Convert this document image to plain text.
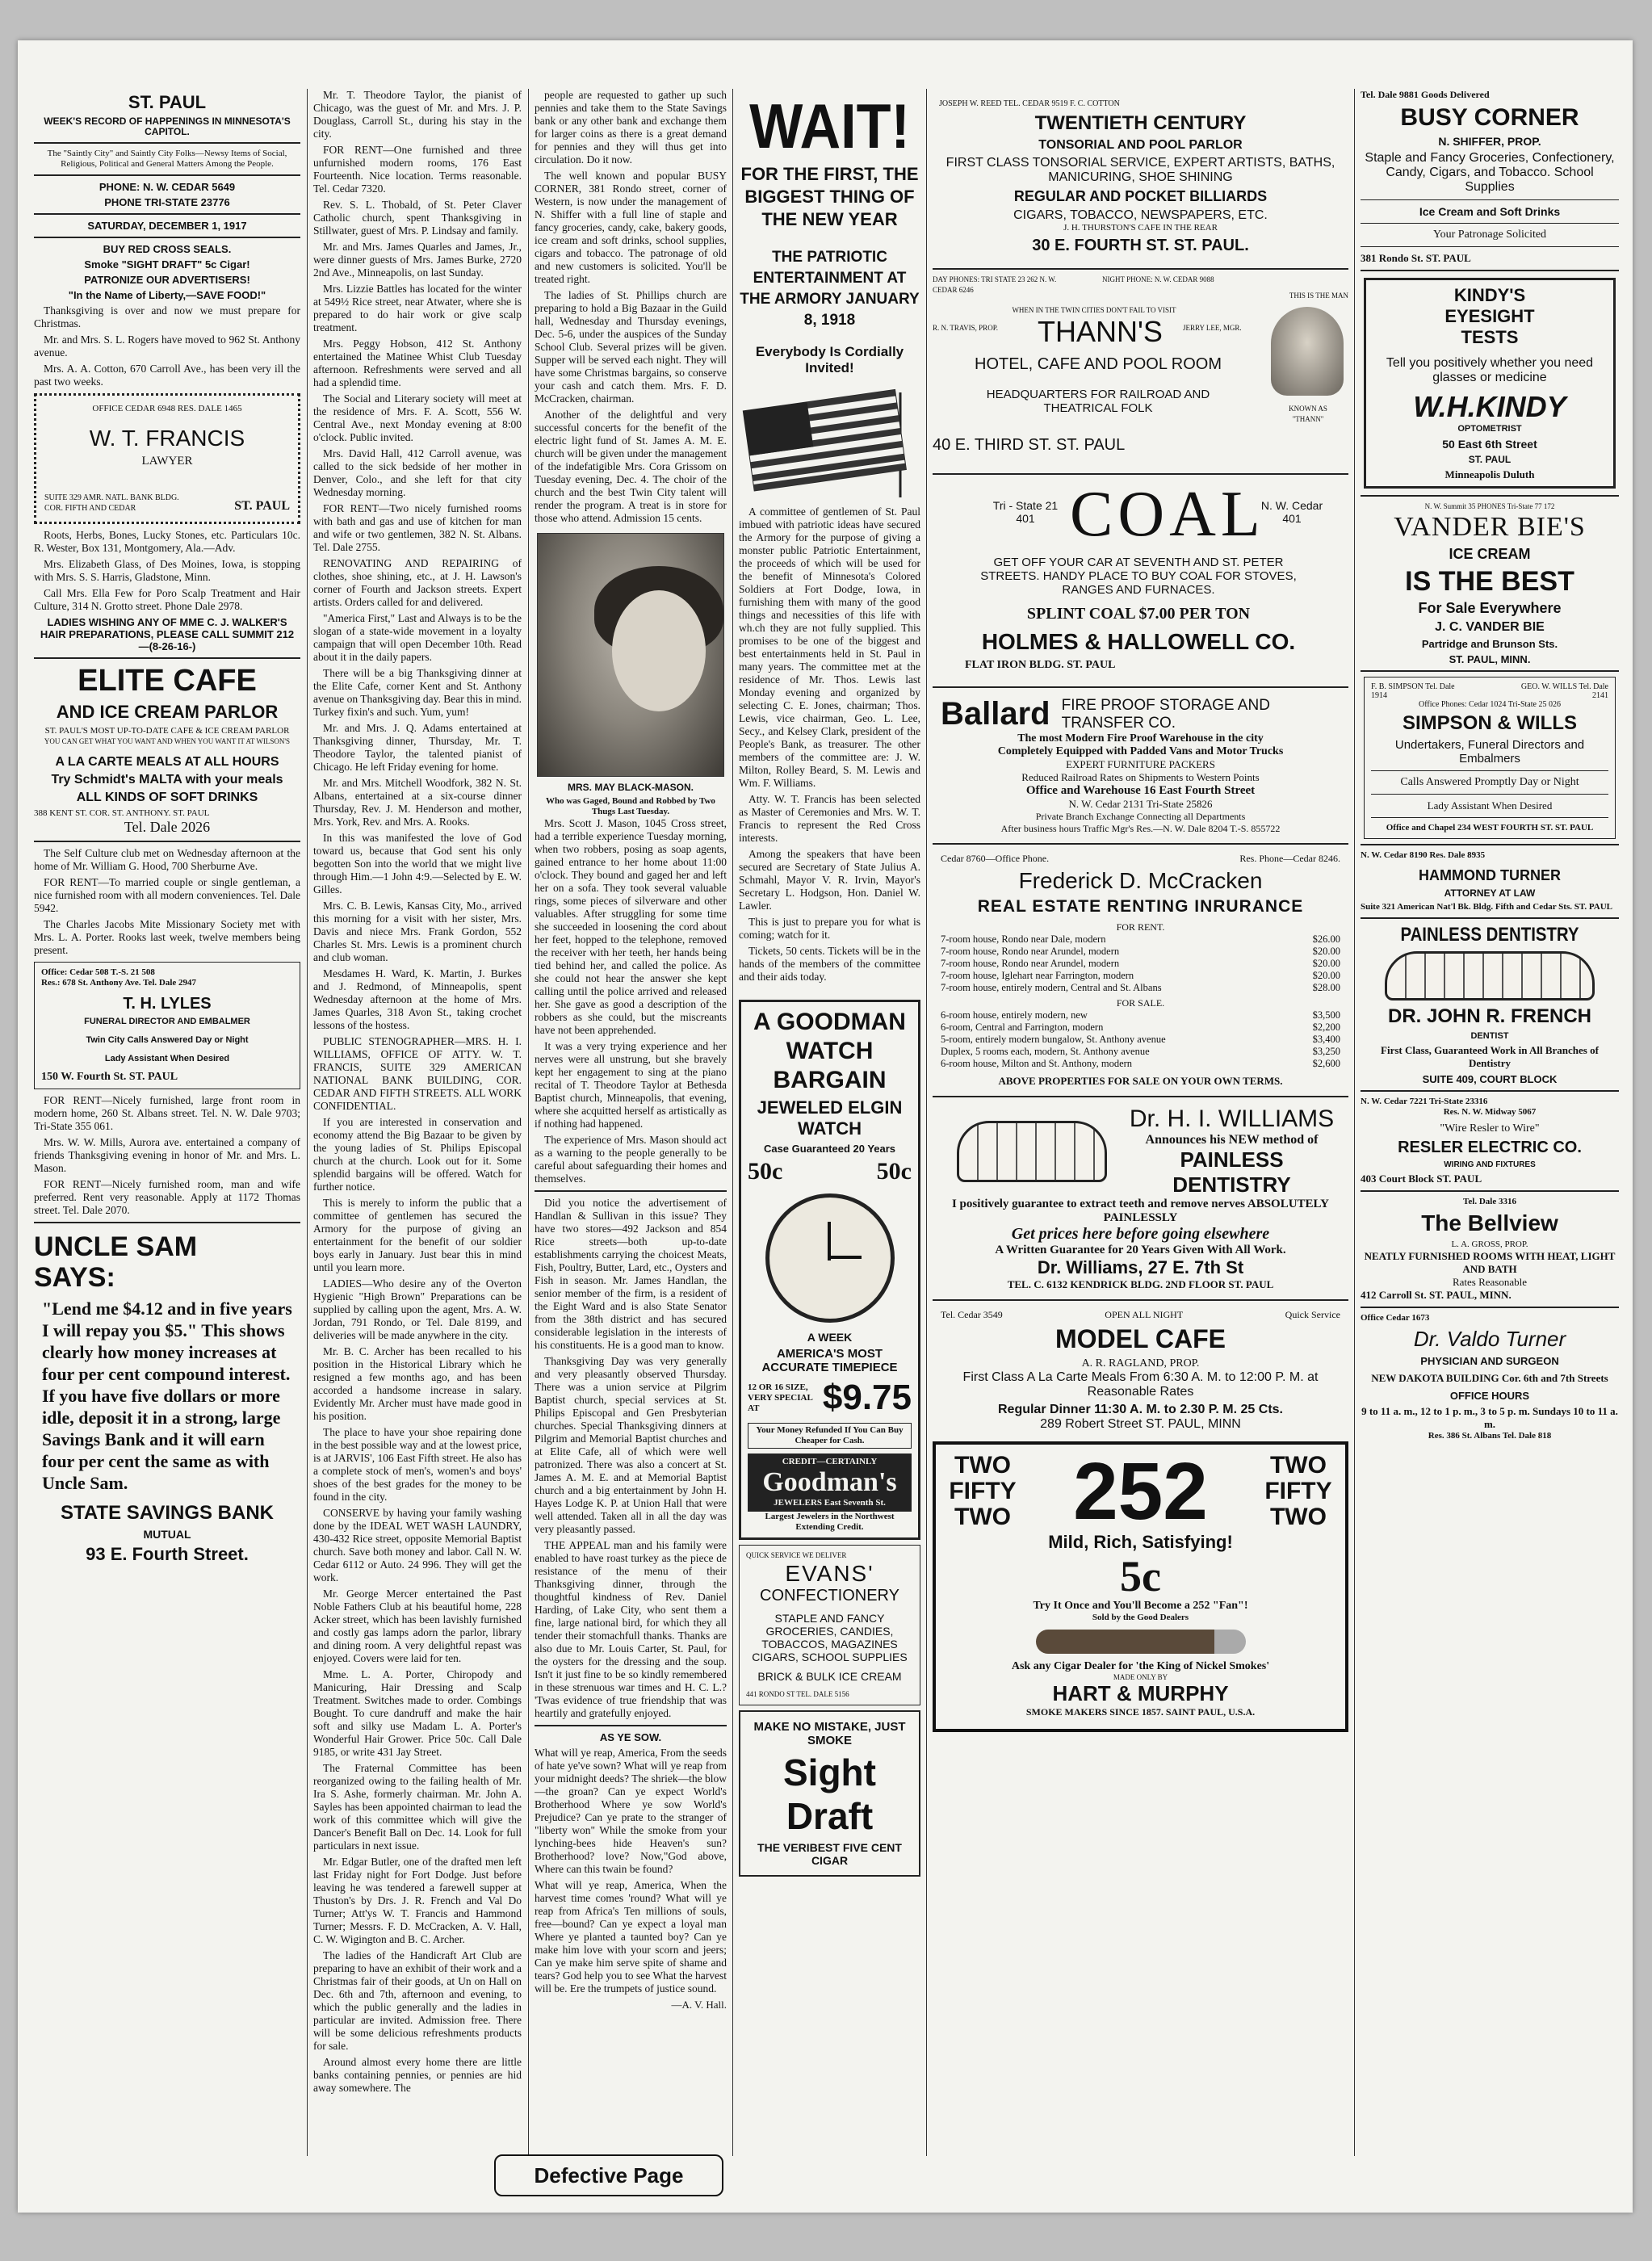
ST. PAUL
WEEK'S RECORD OF HAPPENINGS IN MINNESOTA'S CAPITOL.
The "Saintly City" and Saintly City Folks—Newsy Items of Social, Religious, Political and General Matters Among the People.
PHONE: N. W. CEDAR 5649
PHONE TRI-STATE 23776
SATURDAY, DECEMBER 1, 1917
BUY RED CROSS SEALS.
Smoke "SIGHT DRAFT" 5c Cigar!
PATRONIZE OUR ADVERTISERS!
"In the Name of Liberty,—SAVE FOOD!"

Thanksgiving is over and now we must prepare for Christmas.

Mr. and Mrs. S. L. Rogers have moved to 962 St. Anthony avenue.

Mrs. A. A. Cotton, 670 Carroll Ave., has been very ill the past two weeks.

OFFICE CEDAR 6948 RES. DALE 1465
W. T. FRANCIS
LAWYER
SUITE 329 AMR. NATL. BANK BLDG. COR. FIFTH AND CEDAR	ST. PAUL

Roots, Herbs, Bones, Lucky Stones, etc. Particulars 10c. R. Wester, Box 131, Montgomery, Ala.—Adv.

Mrs. Elizabeth Glass, of Des Moines, Iowa, is stopping with Mrs. S. S. Harris, Gladstone, Minn.

Call Mrs. Ella Few for Poro Scalp Treatment and Hair Culture, 314 N. Grotto street. Phone Dale 2978.

LADIES WISHING ANY OF MME C. J. WALKER'S HAIR PREPARATIONS, PLEASE CALL SUMMIT 212 —(8-26-16-)
ELITE CAFE
AND ICE CREAM PARLOR
ST. PAUL'S MOST UP-TO-DATE CAFE & ICE CREAM PARLOR
YOU CAN GET WHAT YOU WANT AND WHEN YOU WANT IT AT WILSON'S
A LA CARTE MEALS AT ALL HOURS
Try Schmidt's MALTA with your meals
ALL KINDS OF SOFT DRINKS
388 KENT ST. COR. ST. ANTHONY. ST. PAUL
Tel. Dale 2026

The Self Culture club met on Wednesday afternoon at the home of Mr. William G. Hood, 700 Sherburne Ave.

FOR RENT—To married couple or single gentleman, a nice furnished room with all modern conveniences. Tel. Dale 5942.

The Charles Jacobs Mite Missionary Society met with Mrs. L. A. Porter. Rooks last week, twelve members being present.

Office: Cedar 508 T.-S. 21 508
Res.: 678 St. Anthony Ave. Tel. Dale 2947
T. H. LYLES
FUNERAL DIRECTOR AND EMBALMER
Twin City Calls Answered Day or Night
Lady Assistant When Desired
150 W. Fourth St. ST. PAUL

FOR RENT—Nicely furnished, large front room in modern home, 260 St. Albans street. Tel. N. W. Dale 9703; Tri-State 355 061.

Mrs. W. W. Mills, Aurora ave. entertained a company of friends Thanksgiving evening in honor of Mr. and Mrs. L. Mason.

FOR RENT—Nicely furnished room, man and wife preferred. Rent very reasonable. Apply at 1172 Thomas street. Tel. Dale 2070.

UNCLE SAM
SAYS:
"Lend me $4.12 and in five years I will repay you $5." This shows clearly how money increases at four per cent compound interest. If you have five dollars or more idle, deposit it in a strong, large Savings Bank and it will earn four per cent the same as with Uncle Sam.
STATE SAVINGS BANK
MUTUAL
93 E. Fourth Street.

Mr. T. Theodore Taylor, the pianist of Chicago, was the guest of Mr. and Mrs. J. P. Douglass, Carroll St., during his stay in the city.

FOR RENT—One furnished and three unfurnished modern rooms, 176 East Fourteenth. Nice location. Terms reasonable. Tel. Cedar 7320.

Rev. S. L. Thobald, of St. Peter Claver Catholic church, spent Thanksgiving in Stillwater, guest of Mrs. P. Lindsay and family.

Mr. and Mrs. James Quarles and James, Jr., were dinner guests of Mrs. James Burke, 2720 2nd Ave., Minneapolis, on last Sunday.

Mrs. Lizzie Battles has located for the winter at 549½ Rice street, near Atwater, where she is prepared to do hair work or give scalp treatment.

Mrs. Peggy Hobson, 412 St. Anthony entertained the Matinee Whist Club Tuesday afternoon. Refreshments were served and all had a splendid time.

The Social and Literary society will meet at the residence of Mrs. F. A. Scott, 556 W. Central Ave., next Monday evening at 8:00 o'clock. Public invited.

Mrs. David Hall, 412 Carroll avenue, was called to the sick bedside of her mother in Denver, Colo., and she left for that city Wednesday morning.

FOR RENT—Two nicely furnished rooms with bath and gas and use of kitchen for man and wife or two gentlemen, 382 N. St. Albans. Tel. Dale 2755.

RENOVATING AND REPAIRING of clothes, shoe shining, etc., at J. H. Lawson's corner of Fourth and Jackson streets. Expert artists. Orders called for and delivered.

"America First," Last and Always is to be the slogan of a state-wide movement in a loyalty campaign that will open December 10th. Read about it in the daily papers.

There will be a big Thanksgiving dinner at the Elite Cafe, corner Kent and St. Anthony avenue on Thanksgiving day. Bear this in mind. Turkey fixin's and such. Yum, yum!

Mr. and Mrs. J. Q. Adams entertained at Thanksgiving dinner, Thursday, Mr. T. Theodore Taylor, the talented pianist of Chicago. He left Friday evening for home.

Mr. and Mrs. Mitchell Woodfork, 382 N. St. Albans, entertained at a six-course dinner Thursday, Rev. J. M. Henderson and mother, Mrs. York, Rev. and Mrs. A. Rooks.

In this was manifested the love of God toward us, because that God sent his only begotten Son into the world that we might live through Him.—1 John 4:9.—Selected by E. W. Gilles.

Mrs. C. B. Lewis, Kansas City, Mo., arrived this morning for a visit with her sister, Mrs. Davis and niece Mrs. Frank Gordon, 552 Charles St. Mrs. Lewis is a prominent church and club woman.

Mesdames H. Ward, K. Martin, J. Burkes and J. Redmond, of Minneapolis, spent Wednesday afternoon at the home of Mrs. James Quarles, 318 Avon St., taking crochet lessons of the hostess.

PUBLIC STENOGRAPHER—MRS. H. I. WILLIAMS, OFFICE OF ATTY. W. T. FRANCIS, SUITE 329 AMERICAN NATIONAL BANK BUILDING, COR. CEDAR AND FIFTH STREETS. ALL WORK CONFIDENTIAL.

If you are interested in conservation and economy attend the Big Bazaar to be given by the young ladies of St. Philips Episcopal church at the church. Look out for it. Some splendid bargains will be offered. Watch for further notice.

This is merely to inform the public that a committee of gentlemen has secured the Armory for the purpose of giving an entertainment for the benefit of our soldier boys early in January. Just bear this in mind until you learn more.

LADIES—Who desire any of the Overton Hygienic "High Brown" Preparations can be supplied by calling upon the agent, Mrs. A. W. Jordan, 791 Rondo, or Tel. Dale 8199, and deliveries will be made anywhere in the city.

Mr. B. C. Archer has been recalled to his position in the Historical Library which he resigned a few months ago, and has been accorded a handsome increase in salary. Evidently Mr. Archer must have made good in his position.

The place to have your shoe repairing done in the best possible way and at the lowest price, is at JARVIS', 106 East Fifth street. He also has a complete stock of men's, women's and boys' shoes of the best grades for the money to be found in the city.

CONSERVE by having your family washing done by the IDEAL WET WASH LAUNDRY, 430-432 Rice street, opposite Memorial Baptist church. Save both money and labor. Call N. W. Cedar 6112 or Auto. 24 996. They will get the work.

Mr. George Mercer entertained the Past Noble Fathers Club at his beautiful home, 228 Acker street, which has been lavishly furnished and costly gas lamps adorn the parlor, library and dining room. A very delightful repast was enjoyed. Covers were laid for ten.

Mme. L. A. Porter, Chiropody and Manicuring, Hair Dressing and Scalp Treatment. Switches made to order. Combings Bought. To cure dandruff and make the hair soft and silky use Madam L. A. Porter's Wonderful Hair Grower. Price 50c. Call Dale 9185, or write 431 Jay Street.

The Fraternal Committee has been reorganized owing to the failing health of Mr. Ira S. Ashe, formerly chairman. Mr. John A. Sayles has been appointed chairman to lead the work of this committee which will give the Dancer's Benefit Ball on Dec. 14. Look for full particulars in next issue.

Mr. Edgar Butler, one of the drafted men left last Friday night for Fort Dodge. Just before leaving he was tendered a farewell supper at Thuston's by Drs. J. R. French and Val Do Turner; Att'ys W. T. Francis and Hammond Turner; Messrs. F. D. McCracken, A. V. Hall, C. W. Wigington and B. C. Archer.

The ladies of the Handicraft Art Club are preparing to have an exhibit of their work and a Christmas fair of their goods, at Un on Hall on Dec. 6th and 7th, afternoon and evening, to which the public generally and the ladies in particular are invited. Admission free. There will be some delicious refreshments products for sale.

Around almost every home there are little banks containing pennies, or pennies are hid away somewhere. The

people are requested to gather up such pennies and take them to the State Savings bank or any other bank and exchange them for larger coins as there is a great demand for pennies and they will thus get into circulation. Do it now.

The well known and popular BUSY CORNER, 381 Rondo street, corner of Western, is now under the management of N. Shiffer with a full line of staple and fancy groceries, candy, cake, bakery goods, ice cream and soft drinks, school supplies, cigars and tobacco. The patronage of old and new customers is solicited. You'll be treated right.

The ladies of St. Phillips church are preparing to hold a Big Bazaar in the Guild hall, Wednesday and Thursday evenings, Dec. 5-6, under the auspices of the Sunday School Club. Several prizes will be given. Supper will be served each night. They will have some Christmas bargains, so conserve your cash and catch them. Mrs. F. D. McCracken, chairman.

Another of the delightful and very successful concerts for the benefit of the electric light fund of St. James A. M. E. church will be given under the management of the indefatigible Mrs. Cora Grissom on Tuesday evening, Dec. 4. The choir of the church and the best Twin City talent will render the program. A treat is in store for those who attend. Admission 15 cents.

MRS. MAY BLACK-MASON.
Who was Gaged, Bound and Robbed by Two Thugs Last Tuesday.

Mrs. Scott J. Mason, 1045 Cross street, had a terrible experience Tuesday morning, when two robbers, posing as soap agents, gained entrance to her home about 11:00 o'clock. They bound and gaged her and left her on a sofa. They took several valuable rings, some pieces of silverware and other valuables. After struggling for some time she succeeded in loosening the cord about her feet, hopped to the telephone, removed the receiver with her teeth, her hands being tied behind her, and called the police. As she could not hear the answer she kept calling until the police arrived and released her. She gave as good a description of the robbers as she could, but the miscreants have not been apprehended.

It was a very trying experience and her nerves were all unstrung, but she bravely kept her engagement to sing at the piano recital of T. Theodore Taylor at Bethesda Baptist church, Minneapolis, that evening, where she acquitted herself as artistically as if nothing had happened.

The experience of Mrs. Mason should act as a warning to the people generally to be careful about safeguarding their homes and themselves.

Did you notice the advertisement of Handlan & Sullivan in this issue? They have two stores—492 Jackson and 854 Rice streets—both up-to-date establishments carrying the choicest Meats, Fish, Poultry, Butter, Lard, etc., Oysters and Fish in season. Mr. James Handlan, the senior member of the firm, is a resident of the Eight Ward and is also State Senator from the 38th district and has secured considerable legislation in the interests of his constituents. He is a good man to know.

Thanksgiving Day was very generally and very pleasantly observed Thursday. There was a union service at Pilgrim Baptist church, special services at St. Philips Episcopal and Gen Presbyterian churches. Special Thanksgiving dinners at Pilgrim and Memorial Baptist churches and at Elite Cafe, all of which were well patronized. There was also a concert at St. James A. M. E. and at Memorial Baptist church and a big entertainment by John H. Hayes Lodge K. P. at Union Hall that were well attended. Taken all in all the day was very pleasantly passed.

THE APPEAL man and his family were enabled to have roast turkey as the piece de resistance of the menu of their Thanksgiving dinner, through the thoughtful kindness of Rev. Daniel Harding, of Lake City, who sent them a fine, large national bird, for which they all tender their stomachfull thanks. Thanks are also due to Mr. Louis Carter, St. Paul, for the oysters for the dressing and the soup. Isn't it just fine to be so kindly remembered in these strenuous war times and H. C. L.? 'Twas evidence of true friendship that was heartily and gratefully enjoyed.

AS YE SOW.

What will ye reap, America, From the seeds of hate ye've sown? What will ye reap from your midnight deeds? The shriek—the blow—the groan? Can ye expect World's Brotherhood Where ye sow World's Prejudice? Can ye prate to the stranger of "liberty won" While the smoke from your lynching-bees hide Heaven's sun? Brotherhood? love? Now,"God above, Where can this twain be found?

What will ye reap, America, When the harvest time comes 'round? What will ye reap from Africa's Ten millions of souls, free—bound? Can ye expect a loyal man Where ye planted a taunted boy? Can ye make him love with your scorn and jeers; Can ye make him serve spite of shame and tears? God help you to see What the harvest will be. Ere the trumpets of justice sound.

—A. V. Hall.
WAIT!
FOR THE FIRST, THE BIGGEST THING OF THE NEW YEAR
THE PATRIOTIC ENTERTAINMENT AT THE ARMORY JANUARY 8, 1918
Everybody Is Cordially Invited!

A committee of gentlemen of St. Paul imbued with patriotic ideas have secured the Armory for the purpose of giving a monster public Patriotic Entertainment, the proceeds of which will be used for the benefit of Minnesota's Colored Soldiers at Fort Dodge, Iowa, in furnishing them with many of the good things and necessities of this life with wh.ch they are not fully supplied. This promises to be one of the biggest and best entertainments held in St. Paul in many years. The committee met at the residence of Mr. Thos. Lewis last Monday evening and organized by selecting C. E. Jones, chairman; Thos. Lewis, vice chairman, Geo. L. Lee, Secy., and Kelsey Clark, president of the People's Bank, as treasurer. The other members of the committee are: J. W. Milton, Rolley Beard, S. M. Lewis and Wm. F. Williams.

Atty. W. T. Francis has been selected as Master of Ceremonies and Mrs. W. T. Francis to represent the Red Cross interests.

Among the speakers that have been secured are Secretary of State Julius A. Schmahl, Mayor V. R. Irvin, Mayor's Secretary L. Hodgson, Hon. Daniel W. Lawler.

This is just to prepare you for what is coming; watch for it.

Tickets, 50 cents. Tickets will be in the hands of the members of the committee and their aids today.

A GOODMAN
WATCH
BARGAIN
JEWELED ELGIN WATCH
Case Guaranteed 20 Years
50c	50c
A WEEK
AMERICA'S MOST ACCURATE TIMEPIECE
12 OR 16 SIZE, VERY SPECIAL AT	$9.75
Your Money Refunded If You Can Buy Cheaper for Cash.
CREDIT—CERTAINLY
Goodman's
JEWELERS East Seventh St.
Largest Jewelers in the Northwest Extending Credit.
QUICK SERVICE WE DELIVER
EVANS'
CONFECTIONERY
STAPLE AND FANCY GROCERIES, CANDIES, TOBACCOS, MAGAZINES CIGARS, SCHOOL SUPPLIES
BRICK & BULK ICE CREAM
441 RONDO ST TEL. DALE 5156
MAKE NO MISTAKE, JUST SMOKE
Sight Draft
THE VERIBEST FIVE CENT CIGAR
JOSEPH W. REED TEL. CEDAR 9519 F. C. COTTON
TWENTIETH CENTURY
TONSORIAL AND POOL PARLOR
FIRST CLASS TONSORIAL SERVICE, EXPERT ARTISTS, BATHS, MANICURING, SHOE SHINING
REGULAR AND POCKET BILLIARDS
CIGARS, TOBACCO, NEWSPAPERS, ETC.
J. H. THURSTON'S CAFE IN THE REAR
30 E. FOURTH ST. ST. PAUL.
DAY PHONES: TRI STATE 23 262 N. W. CEDAR 6246
NIGHT PHONE: N. W. CEDAR 9088
THIS IS THE MAN
WHEN IN THE TWIN CITIES DON'T FAIL TO VISIT
R. N. TRAVIS, PROP. THANN'S	JERRY LEE, MGR.
HOTEL, CAFE AND POOL ROOM
HEADQUARTERS FOR RAILROAD AND THEATRICAL FOLK	KNOWN AS "THANN"
40 E. THIRD ST. ST. PAUL
Tri - State 21 401 COAL
N. W. Cedar 401
GET OFF YOUR CAR AT SEVENTH AND ST. PETER STREETS. HANDY PLACE TO BUY COAL FOR STOVES, RANGES AND FURNACES.
SPLINT COAL $7.00 PER TON
HOLMES & HALLOWELL CO.
FLAT IRON BLDG. ST. PAUL
Ballard FIRE PROOF STORAGE AND TRANSFER CO.
The most Modern Fire Proof Warehouse in the city
Completely Equipped with Padded Vans and Motor Trucks
EXPERT FURNITURE PACKERS
Reduced Railroad Rates on Shipments to Western Points
Office and Warehouse 16 East Fourth Street
N. W. Cedar 2131 Tri-State 25826
Private Branch Exchange Connecting all Departments
After business hours Traffic Mgr's Res.—N. W. Dale 8204 T.-S. 855722
Cedar 8760—Office Phone.	Res. Phone—Cedar 8246.
Frederick D. McCracken
REAL ESTATE RENTING INRURANCE
FOR RENT.
7-room house, Rondo near Dale, modern	$26.00
7-room house, Rondo near Arundel, modern	$20.00
7-room house, Rondo near Arundel, modern	$20.00
7-room house, Iglehart near Farrington, modern	$20.00
7-room house, entirely modern, Central and St. Albans	$28.00
FOR SALE.
6-room house, entirely modern, new	$3,500
6-room, Central and Farrington, modern	$2,200
5-room, entirely modern bungalow, St. Anthony avenue	$3,400
Duplex, 5 rooms each, modern, St. Anthony avenue	$3,250
6-room house, Milton and St. Anthony, modern	$2,600
ABOVE PROPERTIES FOR SALE ON YOUR OWN TERMS.
Dr. H. I. WILLIAMS
Announces his NEW method of
PAINLESS DENTISTRY
I positively guarantee to extract teeth and remove nerves ABSOLUTELY PAINLESSLY
Get prices here before going elsewhere
A Written Guarantee for 20 Years Given With All Work.
Dr. Williams, 27 E. 7th St
TEL. C. 6132 KENDRICK BLDG. 2ND FLOOR ST. PAUL
Tel. Cedar 3549	OPEN ALL NIGHT	Quick Service
MODEL CAFE
A. R. RAGLAND, PROP.
First Class A La Carte Meals From 6:30 A. M. to 12:00 P. M. at Reasonable Rates
Regular Dinner 11:30 A. M. to 2.30 P. M. 25 Cts.
289 Robert Street ST. PAUL, MINN
TWO FIFTY TWO 252	TWO FIFTY TWO
Mild, Rich, Satisfying!
5c
Try It Once and You'll Become a 252 "Fan"!
Sold by the Good Dealers
Ask any Cigar Dealer for 'the King of Nickel Smokes'
MADE ONLY BY
HART & MURPHY
SMOKE MAKERS SINCE 1857. SAINT PAUL, U.S.A.
Tel. Dale 9881 Goods Delivered
BUSY CORNER
N. SHIFFER, PROP.
Staple and Fancy Groceries, Confectionery, Candy, Cigars, and Tobacco. School Supplies
Ice Cream and Soft Drinks
Your Patronage Solicited
381 Rondo St. ST. PAUL
KINDY'S
EYESIGHT
TESTS
Tell you positively whether you need glasses or medicine
W.H.KINDY
OPTOMETRIST
50 East 6th Street
ST. PAUL
Minneapolis Duluth
N. W. Summit 35 PHONES Tri-State 77 172
VANDER BIE'S
ICE CREAM
IS THE BEST
For Sale Everywhere
J. C. VANDER BIE
Partridge and Brunson Sts.
ST. PAUL, MINN.
F. B. SIMPSON Tel. Dale 1914
GEO. W. WILLS Tel. Dale 2141
Office Phones: Cedar 1024 Tri-State 25 026
SIMPSON & WILLS
Undertakers, Funeral Directors and Embalmers
Calls Answered Promptly Day or Night
Lady Assistant When Desired
Office and Chapel 234 WEST FOURTH ST. ST. PAUL
N. W. Cedar 8190 Res. Dale 8935
HAMMOND TURNER
ATTORNEY AT LAW
Suite 321 American Nat'l Bk. Bldg. Fifth and Cedar Sts. ST. PAUL
PAINLESS DENTISTRY
DR. JOHN R. FRENCH
DENTIST
First Class, Guaranteed Work in All Branches of Dentistry
SUITE 409, COURT BLOCK
N. W. Cedar 7221 Tri-State 23316
Res. N. W. Midway 5067
"Wire Resler to Wire"
RESLER ELECTRIC CO.
WIRING AND FIXTURES
403 Court Block ST. PAUL
Tel. Dale 3316
The Bellview
L. A. GROSS, PROP.
NEATLY FURNISHED ROOMS WITH HEAT, LIGHT AND BATH
Rates Reasonable
412 Carroll St. ST. PAUL, MINN.
Office Cedar 1673
Dr. Valdo Turner
PHYSICIAN AND SURGEON
NEW DAKOTA BUILDING Cor. 6th and 7th Streets
OFFICE HOURS
9 to 11 a. m., 12 to 1 p. m., 3 to 5 p. m. Sundays 10 to 11 a. m.
Res. 386 St. Albans Tel. Dale 818
Defective Page
